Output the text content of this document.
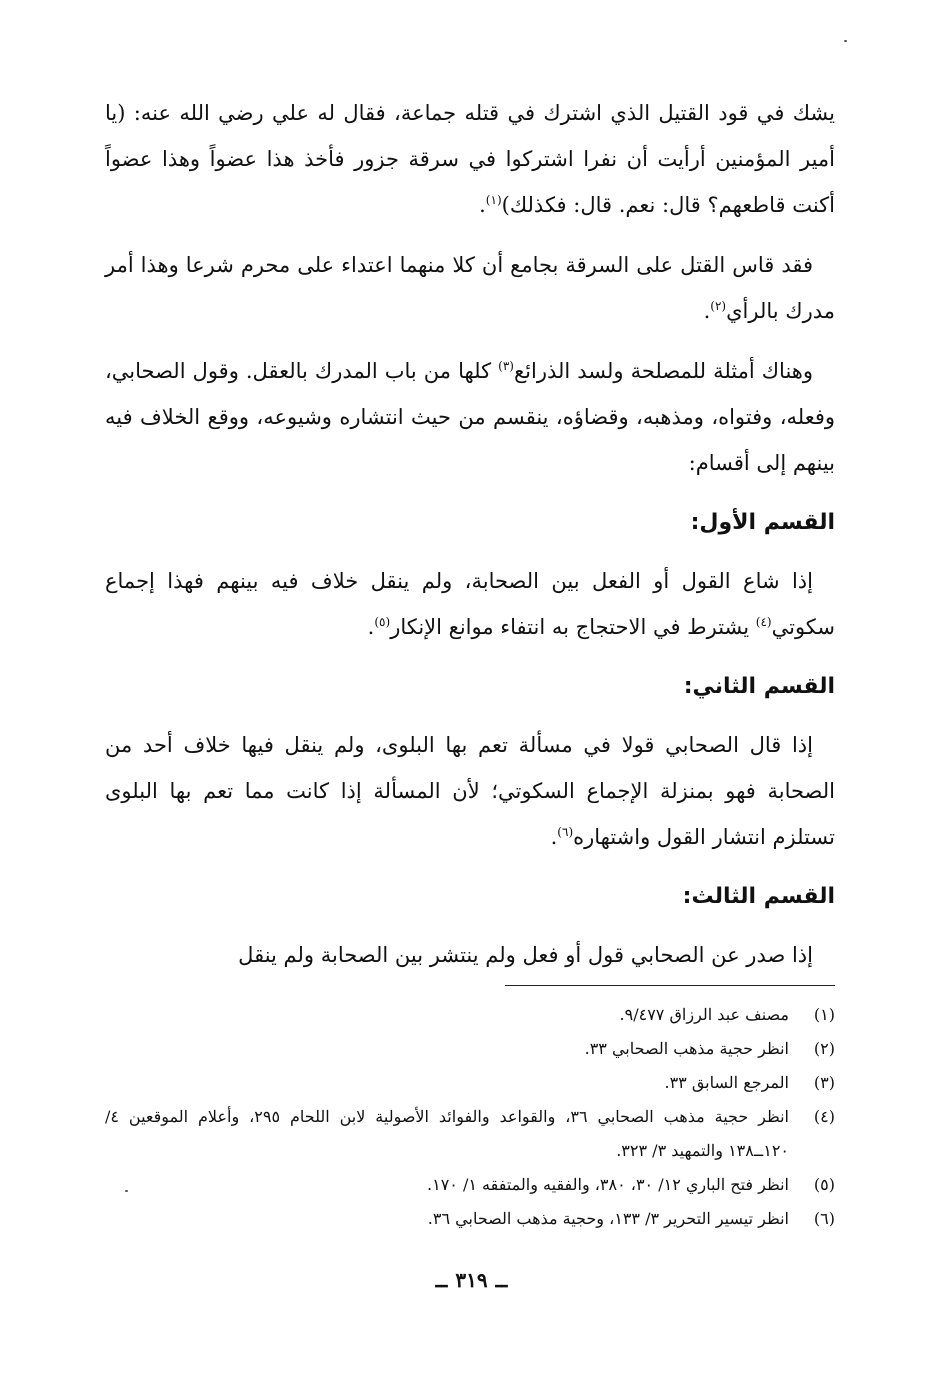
يشك في قود القتيل الذي اشترك في قتله جماعة، فقال له علي رضي الله عنه: (يا أمير المؤمنين أرأيت أن نفرا اشتركوا في سرقة جزور فأخذ هذا عضواً وهذا عضواً أكنت قاطعهم؟ قال: نعم. قال: فكذلك)$^{(١)}$.

فقد قاس القتل على السرقة بجامع أن كلا منهما اعتداء على محرم شرعا وهذا أمر مدرك بالرأي$^{(٢)}$.

وهناك أمثلة للمصلحة ولسد الذرائع$^{(٣)}$ كلها من باب المدرك بالعقل. وقول الصحابي، وفعله، وفتواه، ومذهبه، وقضاؤه، ينقسم من حيث انتشاره وشيوعه، ووقع الخلاف فيه بينهم إلى أقسام:

القسم الأول:

إذا شاع القول أو الفعل بين الصحابة، ولم ينقل خلاف فيه بينهم فهذا إجماع سكوتي$^{(٤)}$ يشترط في الاحتجاج به انتفاء موانع الإنكار$^{(٥)}$.

القسم الثاني:

إذا قال الصحابي قولا في مسألة تعم بها البلوى، ولم ينقل فيها خلاف أحد من الصحابة فهو بمنزلة الإجماع السكوتي؛ لأن المسألة إذا كانت مما تعم بها البلوى تستلزم انتشار القول واشتهاره$^{(٦)}$.

القسم الثالث:

إذا صدر عن الصحابي قول أو فعل ولم ينتشر بين الصحابة ولم ينقل

(١)
مصنف عبد الرزاق ٩/٤٧٧.
(٢)
انظر حجية مذهب الصحابي ٣٣.
(٣)
المرجع السابق ٣٣.
(٤)
انظر حجية مذهب الصحابي ٣٦، والقواعد والفوائد الأصولية لابن اللحام ٢٩٥، وأعلام الموقعين ٤/ ١٢٠ــ١٣٨ والتمهيد ٣/ ٣٢٣.
(٥)
انظر فتح الباري ١٢/ ٣٠، ٣٨٠، والفقيه والمتفقه ١/ ١٧٠.
(٦)
انظر تيسير التحرير ٣/ ١٣٣، وحجية مذهب الصحابي ٣٦.
ــ٣١٩ــ
